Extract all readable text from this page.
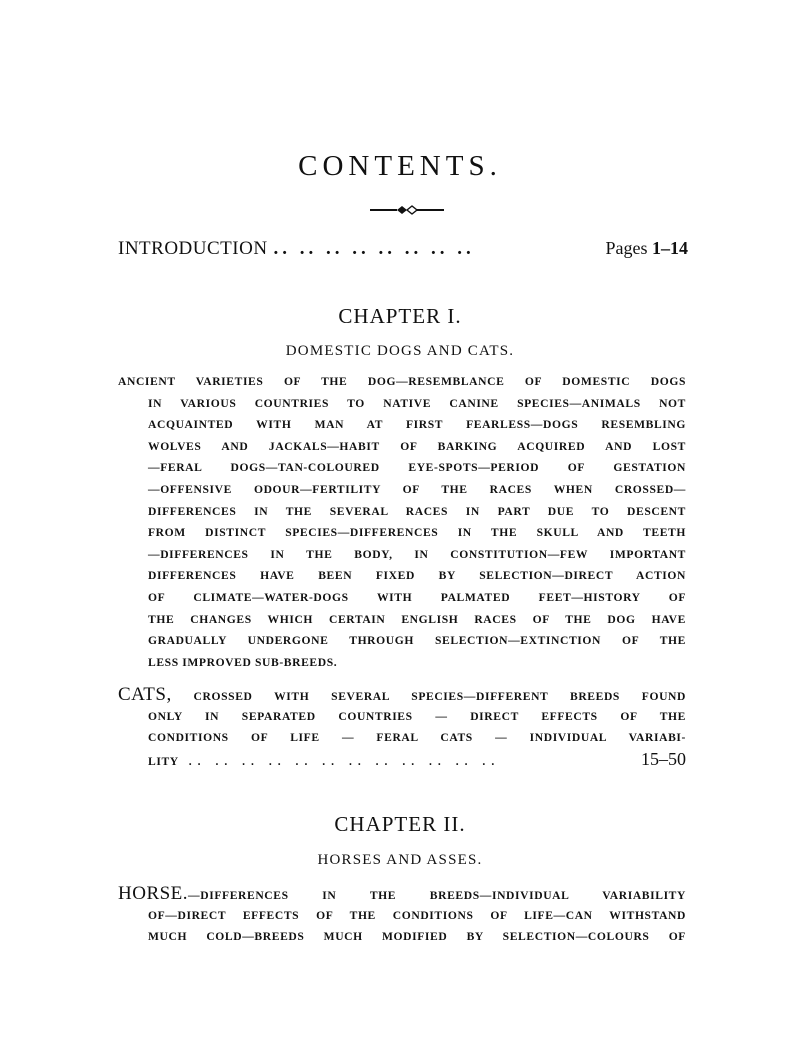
CONTENTS.
INTRODUCTION .. .. .. .. .. .. .. ..	Pages 1–14
CHAPTER I.
DOMESTIC DOGS AND CATS.
ANCIENT VARIETIES OF THE DOG—RESEMBLANCE OF DOMESTIC DOGS
IN VARIOUS COUNTRIES TO NATIVE CANINE SPECIES—ANIMALS NOT
ACQUAINTED WITH MAN AT FIRST FEARLESS—DOGS RESEMBLING
WOLVES AND JACKALS—HABIT OF BARKING ACQUIRED AND LOST
—FERAL DOGS—TAN-COLOURED EYE-SPOTS—PERIOD OF GESTATION
—OFFENSIVE ODOUR—FERTILITY OF THE RACES WHEN CROSSED—
DIFFERENCES IN THE SEVERAL RACES IN PART DUE TO DESCENT
FROM DISTINCT SPECIES—DIFFERENCES IN THE SKULL AND TEETH
—DIFFERENCES IN THE BODY, IN CONSTITUTION—FEW IMPORTANT
DIFFERENCES HAVE BEEN FIXED BY SELECTION—DIRECT ACTION
OF CLIMATE—WATER-DOGS WITH PALMATED FEET—HISTORY OF
THE CHANGES WHICH CERTAIN ENGLISH RACES OF THE DOG HAVE
GRADUALLY UNDERGONE THROUGH SELECTION—EXTINCTION OF THE
LESS IMPROVED SUB-BREEDS.
CATS, CROSSED WITH SEVERAL SPECIES—DIFFERENT BREEDS FOUND
ONLY IN SEPARATED COUNTRIES — DIRECT EFFECTS OF THE
CONDITIONS OF LIFE — FERAL CATS — INDIVIDUAL VARIABI-
LITY .. .. .. .. .. .. .. .. .. .. .. ..	15–50
CHAPTER II.
HORSES AND ASSES.
HORSE.—DIFFERENCES IN THE BREEDS—INDIVIDUAL VARIABILITY
OF—DIRECT EFFECTS OF THE CONDITIONS OF LIFE—CAN WITHSTAND
MUCH COLD—BREEDS MUCH MODIFIED BY SELECTION—COLOURS OF
